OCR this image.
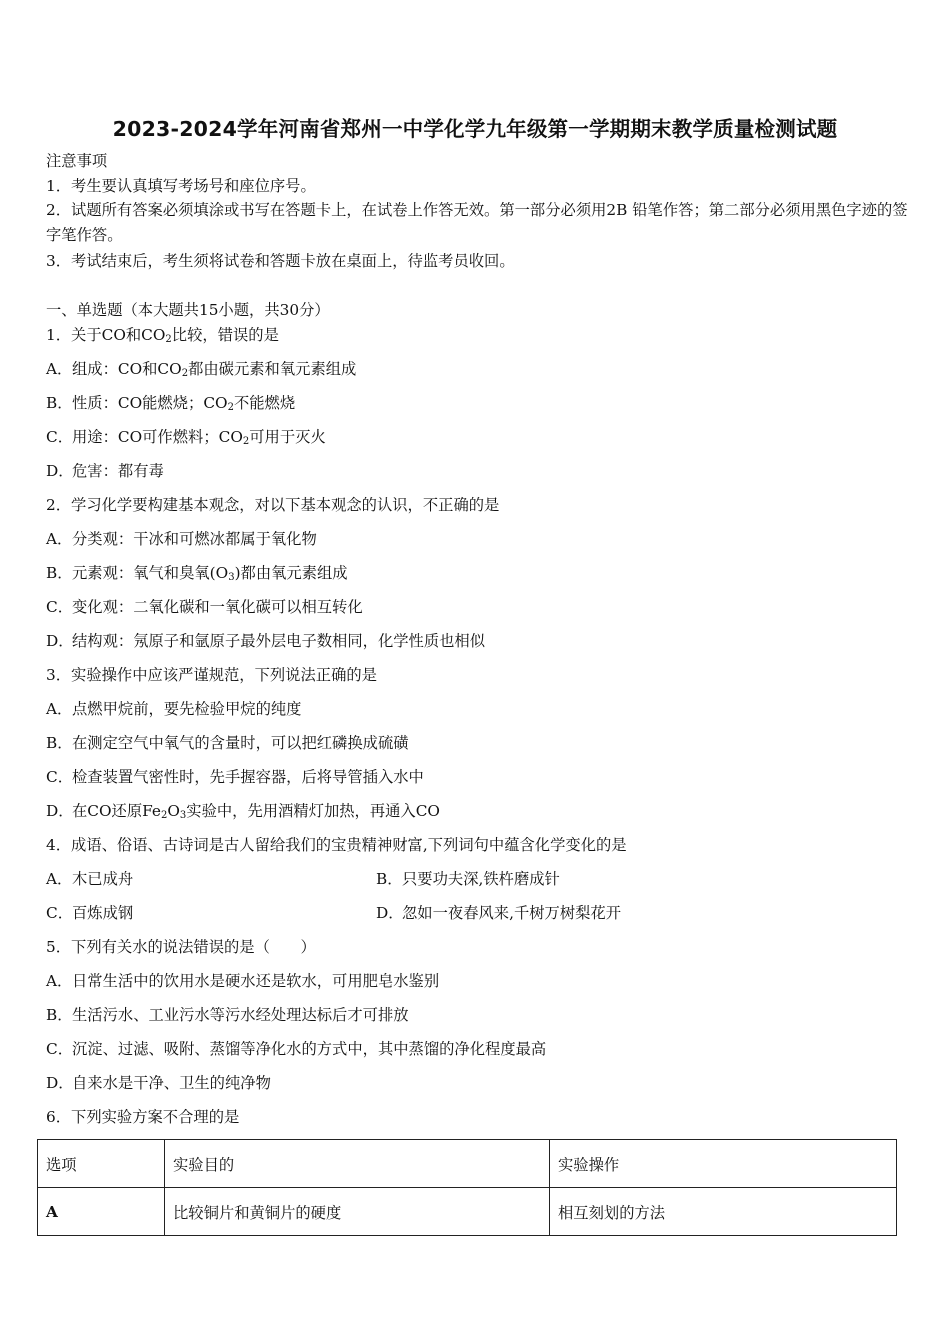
2023-2024学年河南省郑州一中学化学九年级第一学期期末教学质量检测试题
注意事项
1．考生要认真填写考场号和座位序号。
2．试题所有答案必须填涂或书写在答题卡上，在试卷上作答无效。第一部分必须用2B 铅笔作答；第二部分必须用黑色字迹的签字笔作答。
3．考试结束后，考生须将试卷和答题卡放在桌面上，待监考员收回。
一、单选题（本大题共15小题，共30分）
1．关于CO和$CO_2$比较，错误的是
A．组成：CO和$CO_2$都由碳元素和氧元素组成
B．性质：CO能燃烧；$CO_2$不能燃烧
C．用途：CO可作燃料；$CO_2$可用于灭火
D．危害：都有毒
2．学习化学要构建基本观念，对以下基本观念的认识，不正确的是
A．分类观：干冰和可燃冰都属于氧化物
B．元素观：氧气和臭氧$(O_3)$都由氧元素组成
C．变化观：二氧化碳和一氧化碳可以相互转化
D．结构观：氖原子和氩原子最外层电子数相同，化学性质也相似
3．实验操作中应该严谨规范，下列说法正确的是
A．点燃甲烷前，要先检验甲烷的纯度
B．在测定空气中氧气的含量时，可以把红磷换成硫磺
C．检查装置气密性时，先手握容器，后将导管插入水中
D．在CO还原$Fe_2O_3$实验中，先用酒精灯加热，再通入CO
4．成语、俗语、古诗词是古人留给我们的宝贵精神财富,下列词句中蕴含化学变化的是
A．木已成舟	B．只要功夫深,铁杵磨成针
C．百炼成钢	D．忽如一夜春风来,千树万树梨花开
5．下列有关水的说法错误的是（　　）
A．日常生活中的饮用水是硬水还是软水，可用肥皂水鉴别
B．生活污水、工业污水等污水经处理达标后才可排放
C．沉淀、过滤、吸附、蒸馏等净化水的方式中，其中蒸馏的净化程度最高
D．自来水是干净、卫生的纯净物
6．下列实验方案不合理的是
选项	实验目的	实验操作
A	比较铜片和黄铜片的硬度	相互刻划的方法
